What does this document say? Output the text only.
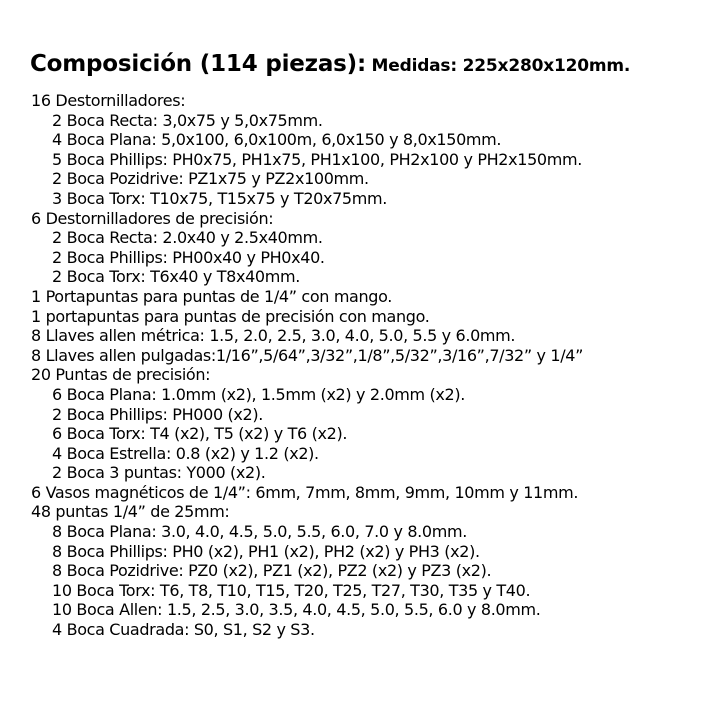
Composición (114 piezas): Medidas: 225x280x120mm.
16 Destornilladores:
2 Boca Recta: 3,0x75 y 5,0x75mm.
4 Boca Plana: 5,0x100, 6,0x100m, 6,0x150 y 8,0x150mm.
5 Boca Phillips: PH0x75, PH1x75, PH1x100, PH2x100 y PH2x150mm.
2 Boca Pozidrive: PZ1x75 y PZ2x100mm.
3 Boca Torx: T10x75, T15x75 y T20x75mm.
6 Destornilladores de precisión:
2 Boca Recta: 2.0x40 y 2.5x40mm.
2 Boca Phillips: PH00x40 y PH0x40.
2 Boca Torx: T6x40 y T8x40mm.
1 Portapuntas para puntas de 1/4” con mango.
1 portapuntas para puntas de precisión con mango.
8 Llaves allen métrica: 1.5, 2.0, 2.5, 3.0, 4.0, 5.0, 5.5 y 6.0mm.
8 Llaves allen pulgadas:1/16”,5/64”,3/32”,1/8”,5/32”,3/16”,7/32” y 1/4”
20 Puntas de precisión:
6 Boca Plana: 1.0mm (x2), 1.5mm (x2) y 2.0mm (x2).
2 Boca Phillips: PH000 (x2).
6 Boca Torx: T4 (x2), T5 (x2) y T6 (x2).
4 Boca Estrella: 0.8 (x2) y 1.2 (x2).
2 Boca 3 puntas: Y000 (x2).
6 Vasos magnéticos de 1/4”: 6mm, 7mm, 8mm, 9mm, 10mm y 11mm.
48 puntas 1/4” de 25mm:
8 Boca Plana: 3.0, 4.0, 4.5, 5.0, 5.5, 6.0, 7.0 y 8.0mm.
8 Boca Phillips: PH0 (x2), PH1 (x2), PH2 (x2) y PH3 (x2).
8 Boca Pozidrive: PZ0 (x2), PZ1 (x2), PZ2 (x2) y PZ3 (x2).
10 Boca Torx: T6, T8, T10, T15, T20, T25, T27, T30, T35 y T40.
10 Boca Allen: 1.5, 2.5, 3.0, 3.5, 4.0, 4.5, 5.0, 5.5, 6.0 y 8.0mm.
4 Boca Cuadrada: S0, S1, S2 y S3.
